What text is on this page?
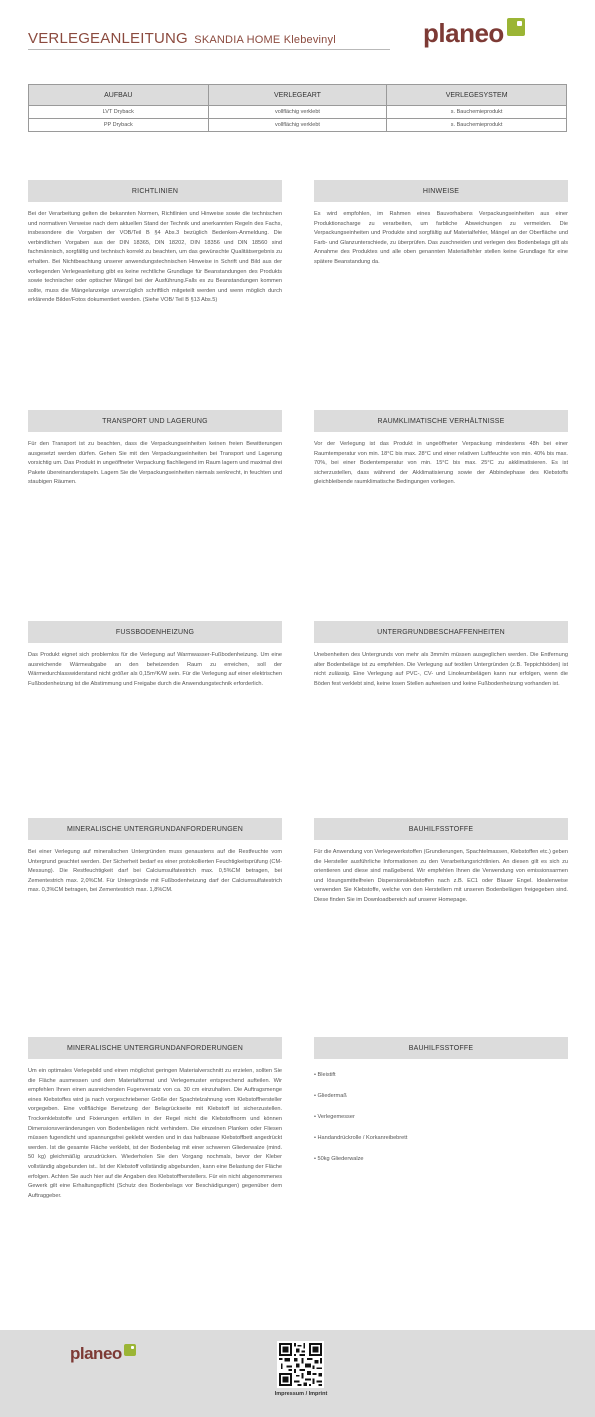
VERLEGEANLEITUNG SKANDIA HOME Klebevinyl	planeo
AUFBAU	VERLEGEART	VERLEGESYSTEM
LVT Dryback	vollflächig verklebt	s. Bauchemieprodukt
PP Dryback	vollflächig verklebt	s. Bauchemieprodukt
RICHTLINIEN

Bei der Verarbeitung gelten die bekannten Normen, Richtlinien und Hinweise sowie die technischen und normativen Verweise nach dem aktuellen Stand der Technik und anerkannten Regeln des Fachs, insbesondere die Vorgaben der VOB/Teil B §4 Abs.3 bezüglich Bedenken-Anmeldung. Die verbindlichen Vorgaben aus der DIN 18365, DIN 18202, DIN 18356 und DIN 18560 sind fachmännisch, sorgfältig und technisch korrekt zu beachten, um das gewünschte Qualitätsergebnis zu erhalten. Bei Nichtbeachtung unserer anwendungstechnischen Hinweise in Schrift und Bild aus der vorliegenden Verlegeanleitung gibt es keine rechtliche Grundlage für Beanstandungen des Produkts sowie technischer oder optischer Mängel bei der Ausführung.Falls es zu Beanstandungen kommen sollte, muss die Mängelanzeige unverzüglich schriftlich mitgeteilt werden und wenn möglich durch erklärende Bilder/Fotos dokumentiert werden. (Siehe VOB/ Teil B §13 Abs.5)

HINWEISE

Es wird empfohlen, im Rahmen eines Bauvorhabens Verpackungseinheiten aus einer Produktionscharge zu verarbeiten, um farbliche Abweichungen zu vermeiden. Die Verpackungseinheiten und Produkte sind sorgfältig auf Materialfehler, Mängel an der Oberfläche und Farb- und Glanzunterschiede, zu überprüfen. Das zuschneiden und verlegen des Bodenbelags gilt als Annahme des Produktes und alle oben genannten Materialfehler stellen keine Grundlage für eine spätere Beanstandung da.

TRANSPORT UND LAGERUNG

Für den Transport ist zu beachten, dass die Verpackungseinheiten keinen freien Bewitterungen ausgesetzt werden dürfen. Gehen Sie mit den Verpackungseinheiten bei Transport und Lagerung vorsichtig um. Das Produkt in ungeöffneter Verpackung flachliegend im Raum lagern und maximal drei Pakete übereinanderstapeln. Lagern Sie die Verpackungseinheiten niemals senkrecht, in feuchten und staubigen Räumen.

RAUMKLIMATISCHE VERHÄLTNISSE

Vor der Verlegung ist das Produkt in ungeöffneter Verpackung mindestens 48h bei einer Raumtemperatur von min. 18°C bis max. 28°C und einer relativen Luftfeuchte von min. 40% bis max. 70%, bei einer Bodentemperatur von min. 15°C bis max. 25°C zu akklimatisieren. Es ist sicherzustellen, dass während der Akklimatisierung sowie der Abbindephase des Klebstoffs gleichbleibende raumklimatische Bedingungen vorliegen.

FUSSBODENHEIZUNG

Das Produkt eignet sich problemlos für die Verlegung auf Warmwasser-Fußbodenheizung. Um eine ausreichende Wärmeabgabe an den beheizenden Raum zu erreichen, soll der Wärmedurchlasswiderstand nicht größer als 0,15m²K/W sein. Für die Verlegung auf einer elektrischen Fußbodenheizung ist die Abstimmung und Freigabe durch die Anwendungstechnik erforderlich.

UNTERGRUNDBESCHAFFENHEITEN

Unebenheiten des Untergrunds von mehr als 3mm/m müssen ausgeglichen werden. Die Entfernung alter Bodenbeläge ist zu empfehlen. Die Verlegung auf textilen Untergründen (z.B. Teppichböden) ist nicht zulässig. Eine Verlegung auf PVC-, CV- und Linoleumbelägen kann nur erfolgen, wenn die Böden fest verklebt sind, keine losen Stellen aufweisen und keine Fußbodenheizung vorhanden ist.

MINERALISCHE UNTERGRUNDANFORDERUNGEN

Bei einer Verlegung auf mineralischen Untergründen muss genaustens auf die Restfeuchte vom Untergrund geachtet werden. Der Sicherheit bedarf es einer protokollierten Feuchtigkeitsprüfung (CM-Messung). Die Restfeuchtigkeit darf bei Calciumsulfatestrich max. 0,5%CM betragen, bei Zementestrich max. 2,0%CM. Für Untergründe mit Fußbodenheizung darf der Calciumsulfatestrich max. 0,3%CM betragen, bei Zementestrich max. 1,8%CM.

BAUHILFSSTOFFE

Für die Anwendung von Verlegewerkstoffen (Grundierungen, Spachtelmassen, Klebstoffen etc.) geben die Hersteller ausführliche Informationen zu den Verarbeitungsrichtlinien. An diesen gilt es sich zu orientieren und diese sind maßgebend. Wir empfehlen Ihnen die Verwendung von emissionsarmen und lösungsmittelfreien Dispersionsklebstoffen nach z.B. EC1 oder Blauer Engel. Idealerweise verwenden Sie Klebstoffe, welche von den Herstellern mit unseren Bodenbelägen freigegeben sind. Diese finden Sie im Downloadbereich auf unserer Homepage.

MINERALISCHE UNTERGRUNDANFORDERUNGEN

Um ein optimales Verlegebild und einen möglichst geringen Materialverschnitt zu erzielen, sollten Sie die Fläche ausmessen und dem Materialformat und Verlegemuster entsprechend aufteilen. Wir empfehlen Ihnen einen ausreichenden Fugenversatz von ca. 30 cm einzuhalten. Die Auftragsmenge eines Klebstoffes wird ja nach vorgeschriebener Größe der Spachtelzahnung vom Klebstoffhersteller vorgegeben. Eine vollflächige Benetzung der Belagrückseite mit Klebstoff ist sicherzustellen. Trockenklebstoffe und Fixierungen erfüllen in der Regel nicht die Klebstoffnorm und können Dimensionsveränderungen von Bodenbelägen nicht verhindern. Die einzelnen Planken oder Fliesen müssen fugendicht und spannungsfrei geklebt werden und in das halbnasse Klebstoffbett angedrückt werden. Ist die gesamte Fläche verklebt, ist der Bodenbelag mit einer schweren Gliederwalze (mind. 50 kg) gleichmäßig anzudrücken. Wiederholen Sie den Vorgang nochmals, bevor der Kleber vollständig abgebunden ist.. Ist der Klebstoff vollständig abgebunden, kann eine Belastung der Fläche erfolgen. Achten Sie auch hier auf die Angaben des Klebstoffherstellers. Für ein nicht abgenommenes Gewerk gilt eine Erhaltungspflicht (Schutz des Bodenbelags vor Beschädigungen) gegenüber dem Auftraggeber.

BAUHILFSSTOFFE
• Bleistift
• Gliedermaß
• Verlegemesser
• Handandrückrolle / Korkanreibebrett
• 50kg Gliederwalze
planeo
Impressum / Imprint
